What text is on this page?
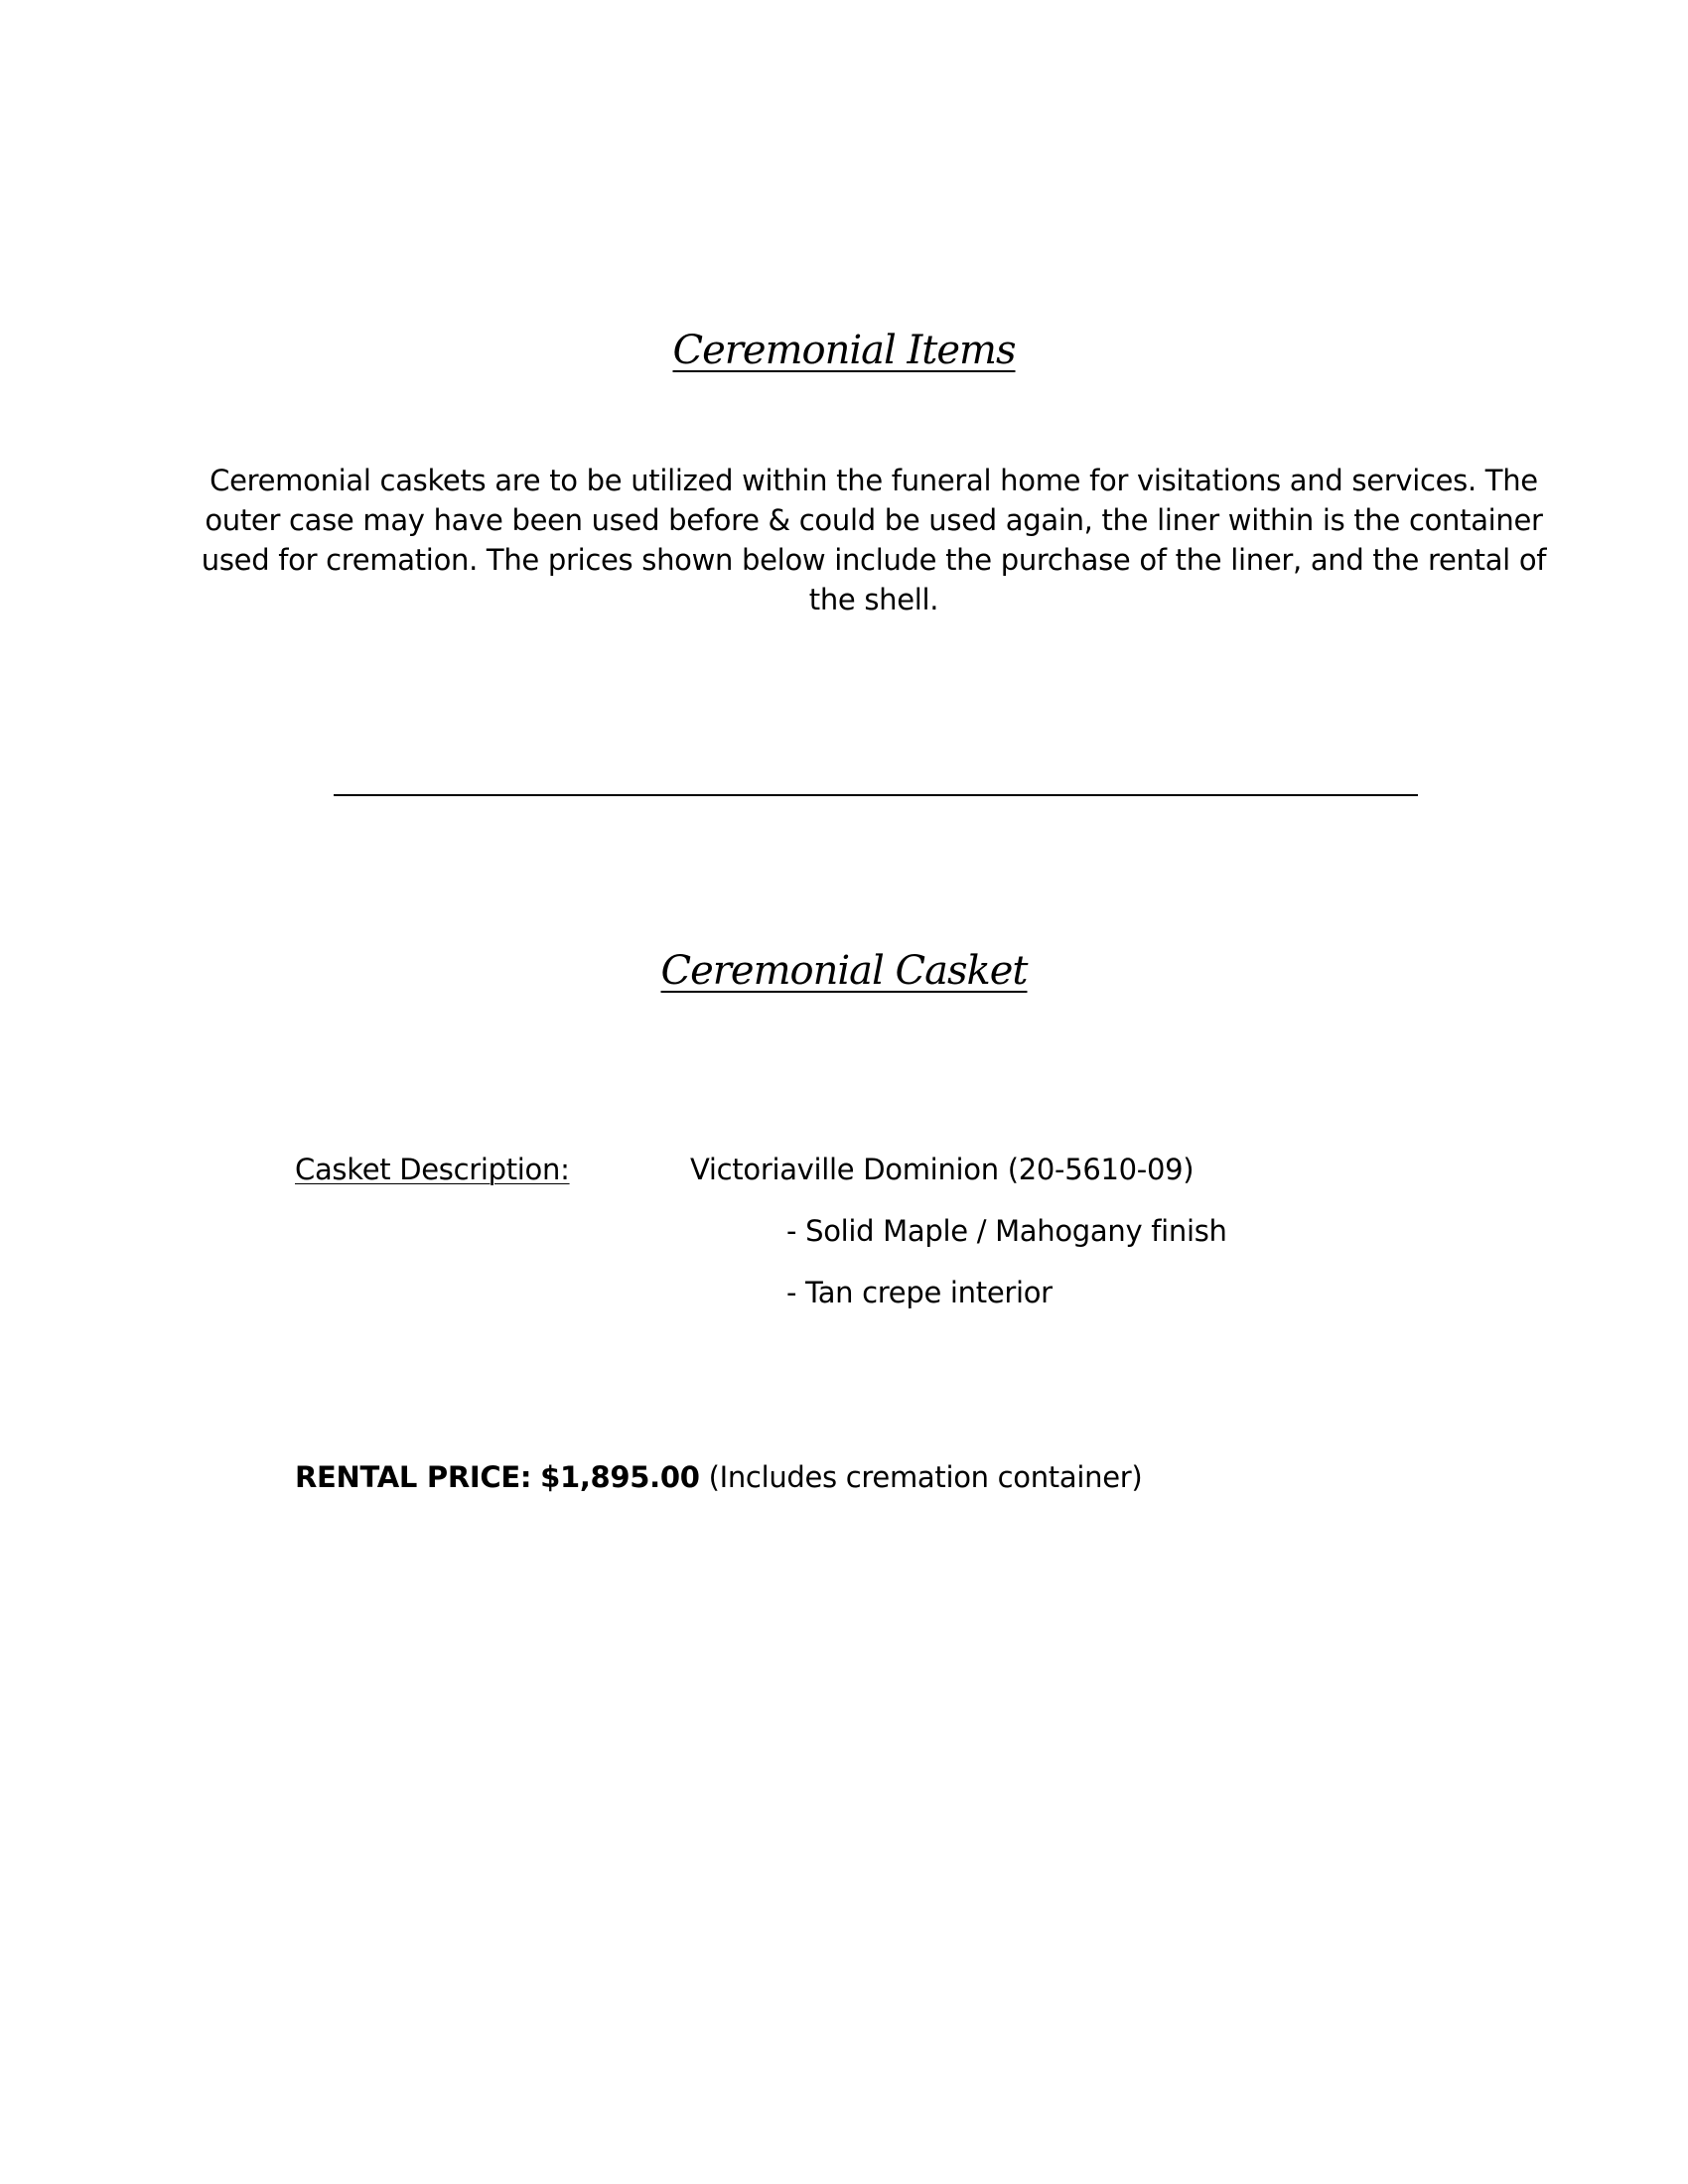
Ceremonial Items
Ceremonial caskets are to be utilized within the funeral home for visitations and services. The outer case may have been used before & could be used again, the liner within is the container used for cremation. The prices shown below include the purchase of the liner, and the rental of the shell.
Ceremonial Casket
Casket Description:	Victoriaville Dominion (20-5610-09)
- Solid Maple / Mahogany finish
- Tan crepe interior
RENTAL PRICE: $1,895.00 (Includes cremation container)
